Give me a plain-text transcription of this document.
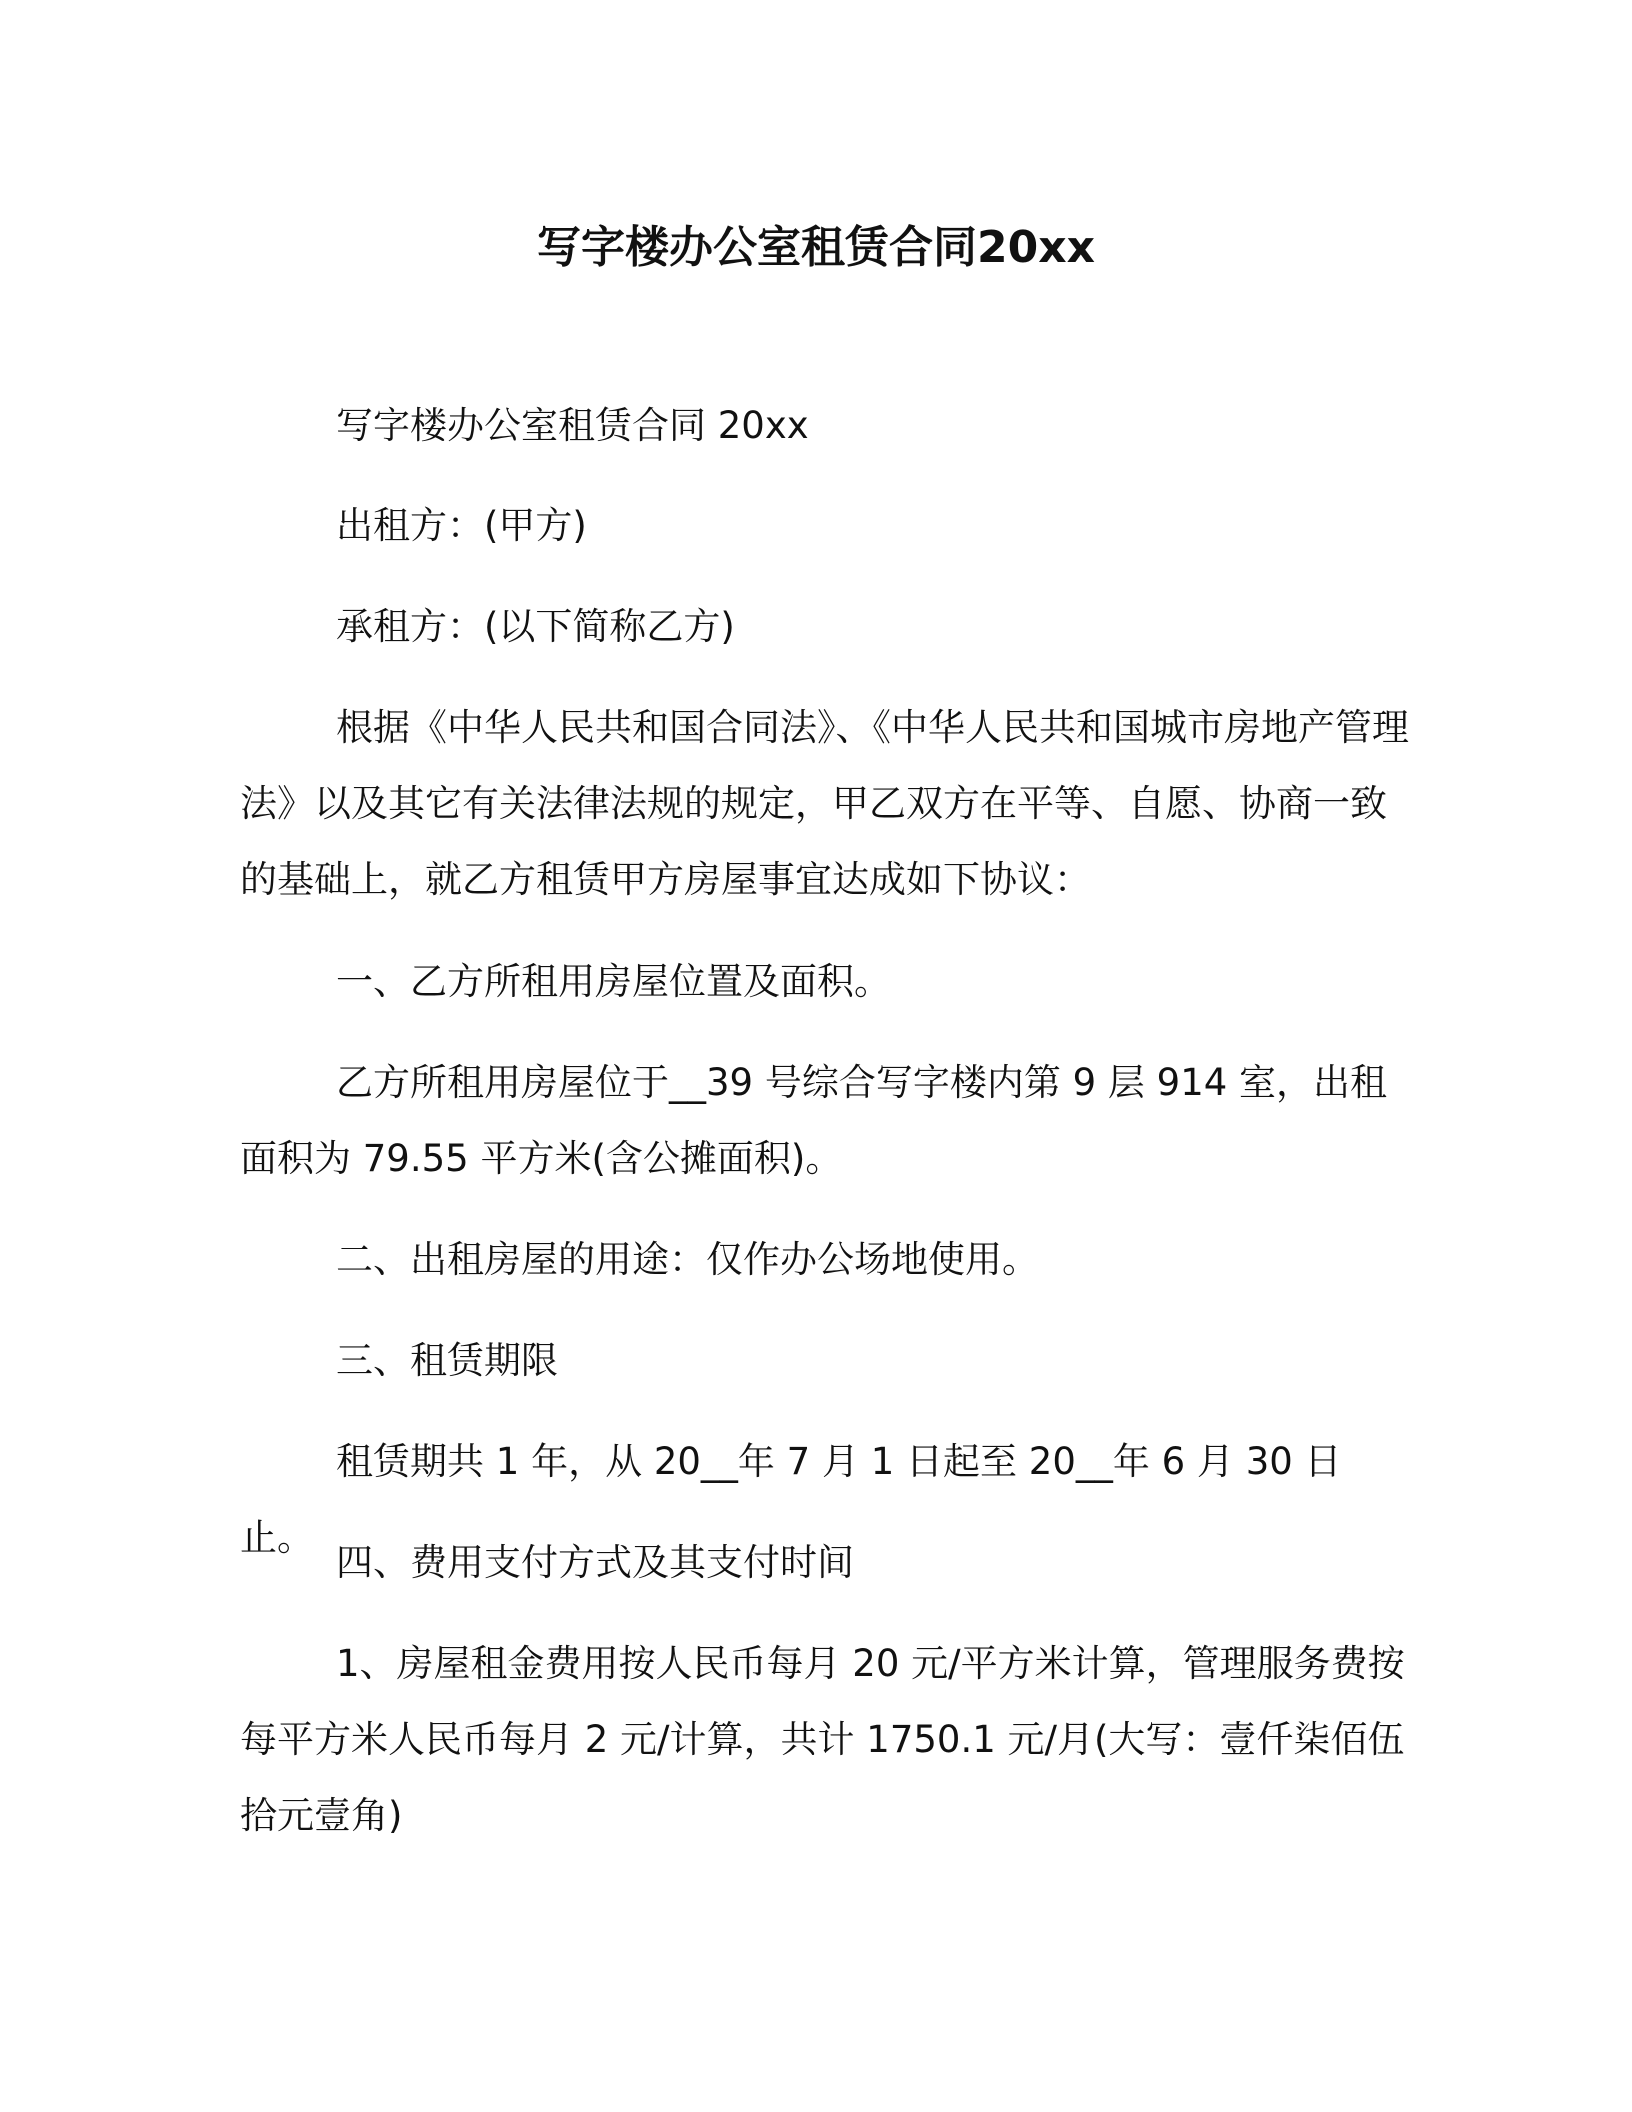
写字楼办公室租赁合同20xx

写字楼办公室租赁合同 20xx

出租方：(甲方)

承租方：(以下简称乙方)

根据《中华人民共和国合同法》、《中华人民共和国城市房地产管理法》以及其它有关法律法规的规定，甲乙双方在平等、自愿、协商一致的基础上，就乙方租赁甲方房屋事宜达成如下协议：

一、乙方所租用房屋位置及面积。

乙方所租用房屋位于__39 号综合写字楼内第 9 层 914 室，出租面积为 79.55 平方米(含公摊面积)。

二、出租房屋的用途：仅作办公场地使用。

三、租赁期限

租赁期共 1 年，从 20__年 7 月 1 日起至 20__年 6 月 30 日止。

四、费用支付方式及其支付时间

1、房屋租金费用按人民币每月 20 元/平方米计算，管理服务费按每平方米人民币每月 2 元/计算，共计 1750.1 元/月(大写：壹仟柒佰伍拾元壹角)
